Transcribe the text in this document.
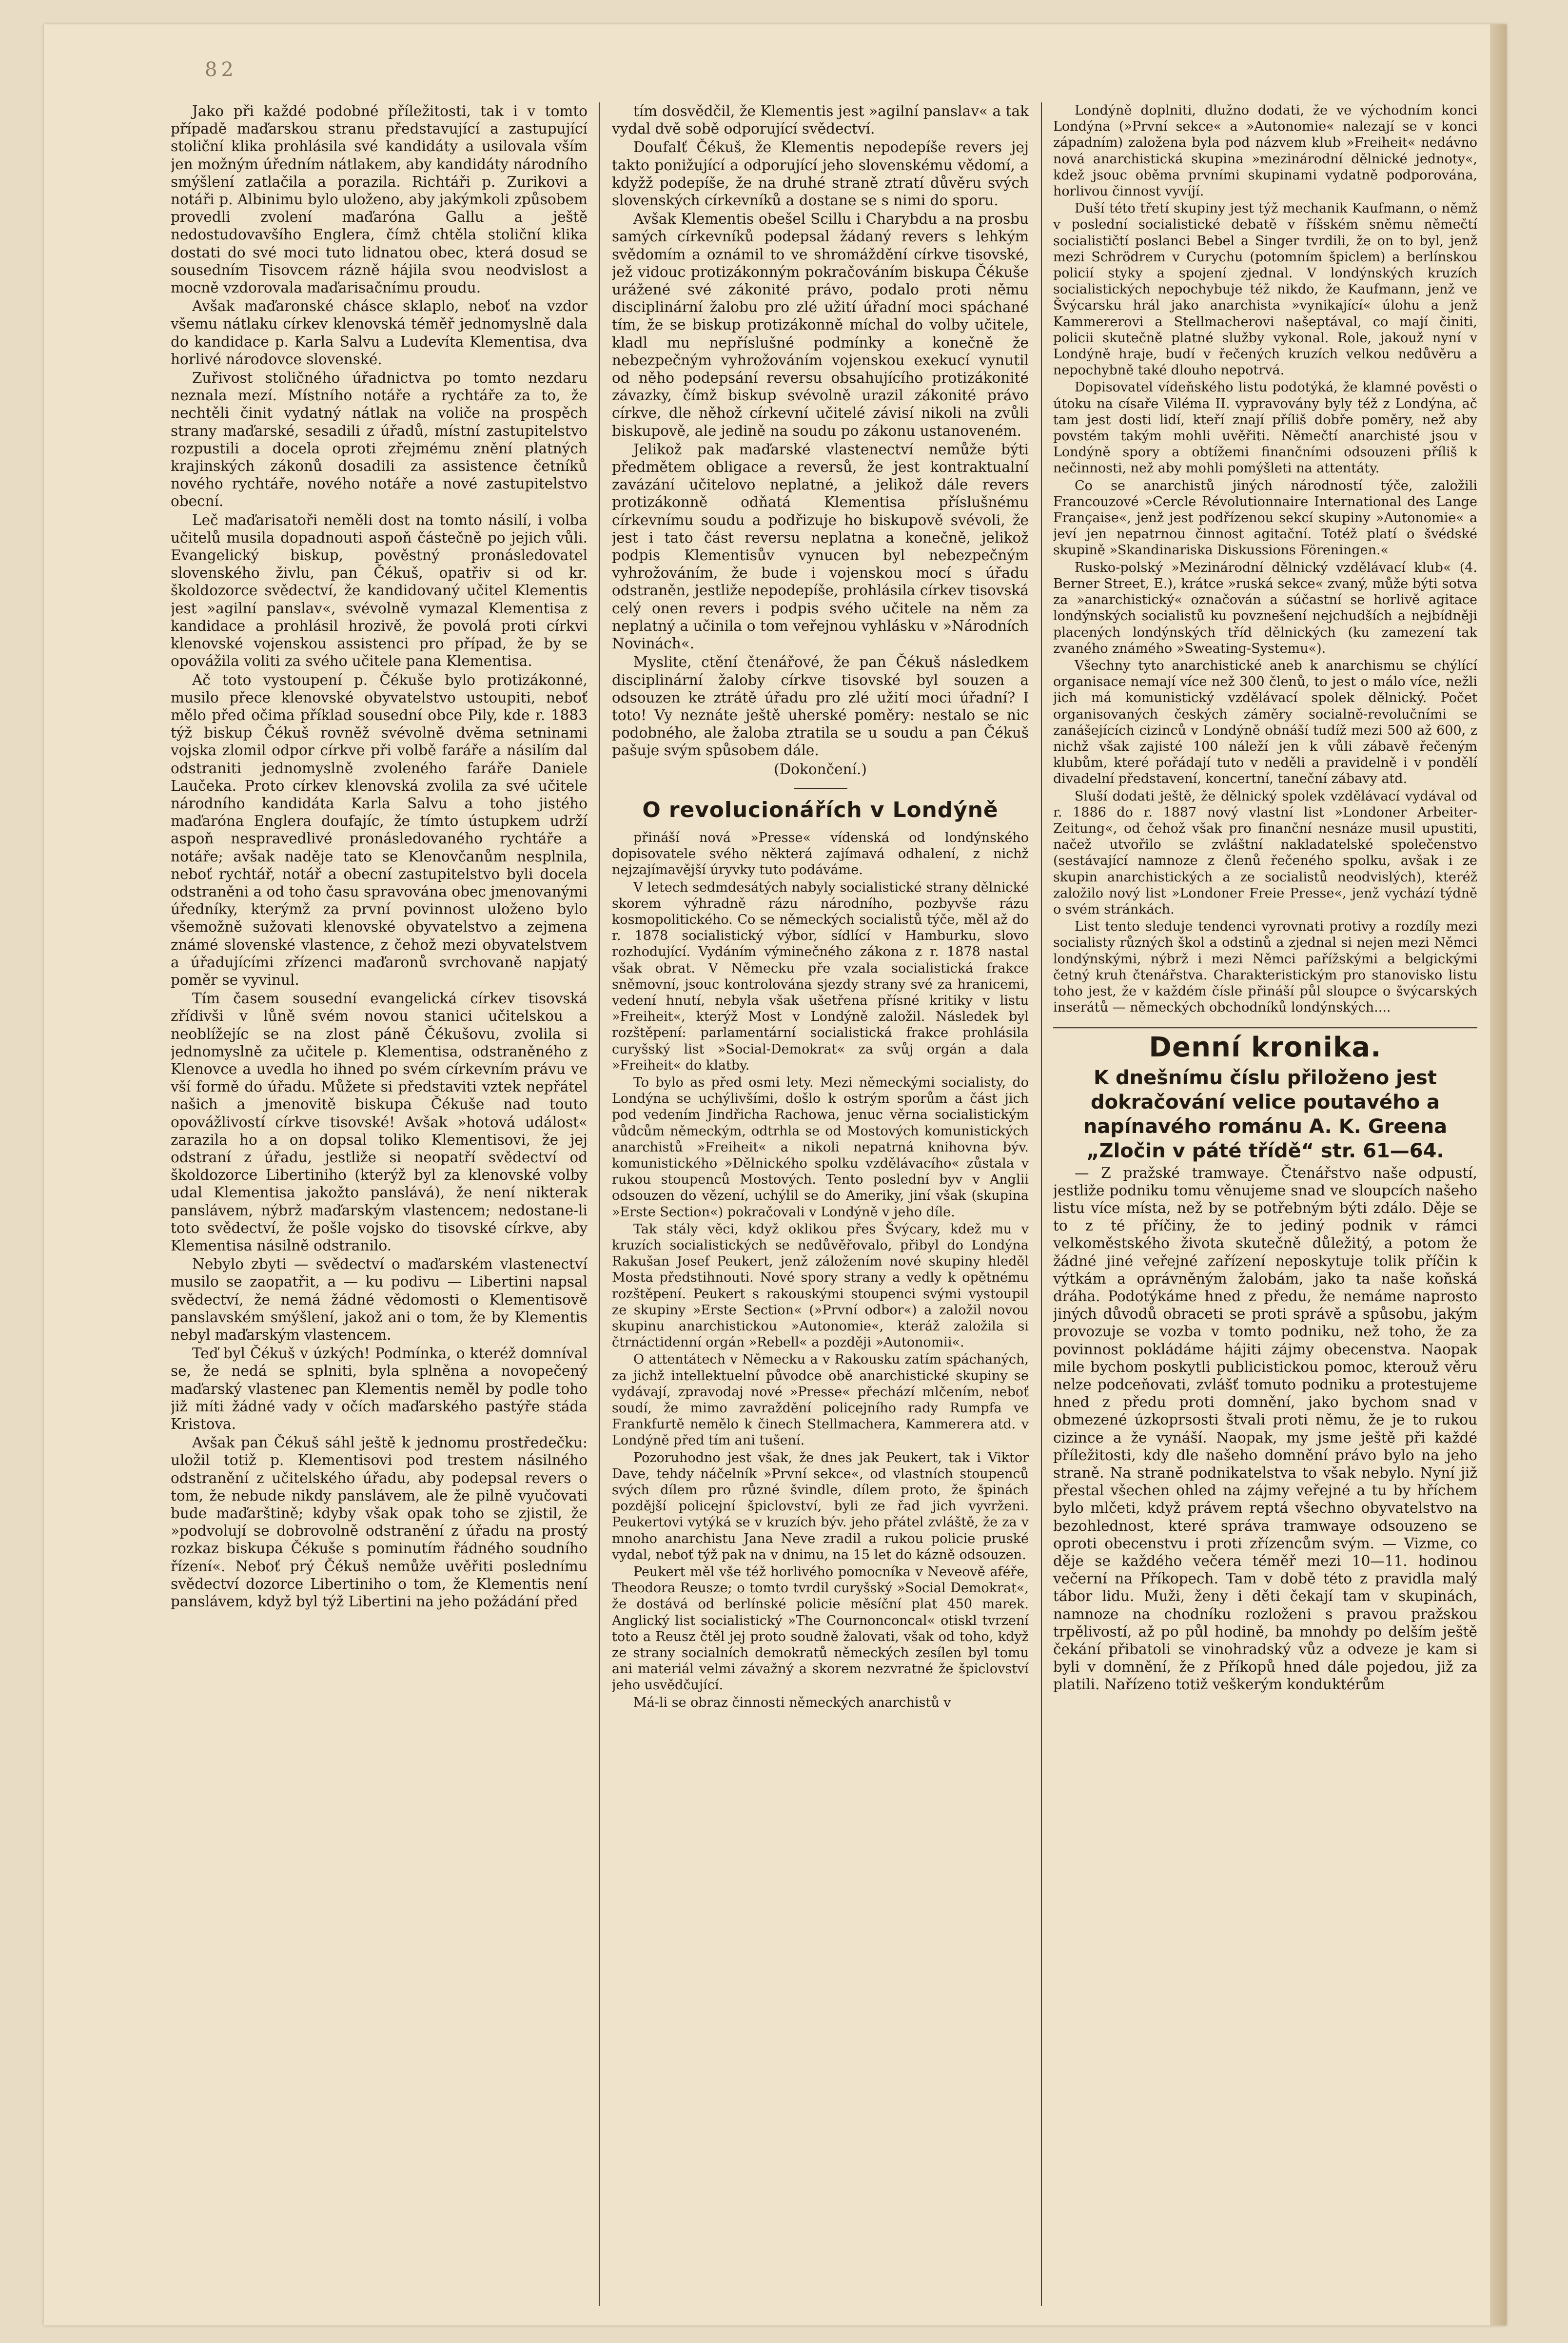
82

Jako při každé podobné příležitosti, tak i v tomto případě maďarskou stranu představující a zastupující stoliční klika prohlásila své kandidáty a usilovala vším jen možným úředním nátlakem, aby kandidáty národního smýšlení zatlačila a porazila. Richtáři p. Zurikovi a notáři p. Albinimu bylo uloženo, aby jakýmkoli způsobem provedli zvolení maďaróna Gallu a ještě nedostudovavšího Englera, čímž chtěla stoliční klika dostati do své moci tuto lidnatou obec, která dosud se sousedním Tisovcem rázně hájila svou neodvislost a mocně vzdorovala maďarisačnímu proudu.

Avšak maďaronské chásce sklaplo, neboť na vzdor všemu nátlaku církev klenovská téměř jednomyslně dala do kandidace p. Karla Salvu a Ludevíta Klementisa, dva horlivé národovce slovenské.

Zuřivost stoličného úřadnictva po tomto nezdaru neznala mezí. Místního notáře a rychtáře za to, že nechtěli činit vydatný nátlak na voliče na prospěch strany maďarské, sesadili z úřadů, místní zastupitelstvo rozpustili a docela oproti zřejmému znění platných krajinských zákonů dosadili za assistence četníků nového rychtáře, nového notáře a nové zastupitelstvo obecní.

Leč maďarisatoři neměli dost na tomto násilí, i volba učitelů musila dopadnouti aspoň částečně po jejich vůli. Evangelický biskup, pověstný pronásledovatel slovenského živlu, pan Čékuš, opatřiv si od kr. školdozorce svědectví, že kandidovaný učitel Klementis jest »agilní panslav«, svévolně vymazal Klementisa z kandidace a prohlásil hrozivě, že povolá proti církvi klenovské vojenskou assistenci pro případ, že by se opovážila voliti za svého učitele pana Klementisa.

Ač toto vystoupení p. Čékuše bylo protizákonné, musilo přece klenovské obyvatelstvo ustoupiti, neboť mělo před očima příklad sousední obce Pily, kde r. 1883 týž biskup Čékuš rovněž svévolně dvěma setninami vojska zlomil odpor církve při volbě faráře a násilím dal odstraniti jednomyslně zvoleného faráře Daniele Laučeka. Proto církev klenovská zvolila za své učitele národního kandidáta Karla Salvu a toho jistého maďaróna Englera doufajíc, že tímto ústupkem udrží aspoň nespravedlivé pronásledovaného rychtáře a notáře; avšak naděje tato se Klenovčanům nesplnila, neboť rychtář, notář a obecní zastupitelstvo byli docela odstraněni a od toho času spravována obec jmenovanými úředníky, kterýmž za první povinnost uloženo bylo všemožně sužovati klenovské obyvatelstvo a zejmena známé slovenské vlastence, z čehož mezi obyvatelstvem a úřadujícími zřízenci maďaronů svrchovaně napjatý poměr se vyvinul.

Tím časem sousední evangelická církev tisovská zřídivši v lůně svém novou stanici učitelskou a neoblížejíc se na zlost páně Čékušovu, zvolila si jednomyslně za učitele p. Klementisa, odstraněného z Klenovce a uvedla ho ihned po svém církevním právu ve vší formě do úřadu. Můžete si představiti vztek nepřátel našich a jmenovitě biskupa Čékuše nad touto opovážlivostí církve tisovské! Avšak »hotová událost« zarazila ho a on dopsal toliko Klementisovi, že jej odstraní z úřadu, jestliže si neopatří svědectví od školdozorce Libertiniho (kterýž byl za klenovské volby udal Klementisa jakožto panslává), že není nikterak panslávem, nýbrž maďarským vlastencem; nedostane-li toto svědectví, že pošle vojsko do tisovské církve, aby Klementisa násilně odstranilo.

Nebylo zbyti — svědectví o maďarském vlastenectví musilo se zaopatřit, a — ku podivu — Libertini napsal svědectví, že nemá žádné vědomosti o Klementisově panslavském smýšlení, jakož ani o tom, že by Klementis nebyl maďarským vlastencem.

Teď byl Čékuš v úzkých! Podmínka, o kteréž domníval se, že nedá se splniti, byla splněna a novopečený maďarský vlastenec pan Klementis neměl by podle toho již míti žádné vady v očích maďarského pastýře stáda Kristova.

Avšak pan Čékuš sáhl ještě k jednomu prostředečku: uložil totiž p. Klementisovi pod trestem násilného odstranění z učitelského úřadu, aby podepsal revers o tom, že nebude nikdy panslávem, ale že pilně vyučovati bude maďarštině; kdyby však opak toho se zjistil, že »podvolují se dobrovolně odstranění z úřadu na prostý rozkaz biskupa Čékuše s pominutím řádného soudního řízení«. Neboť prý Čékuš nemůže uvěřiti poslednímu svědectví dozorce Libertiniho o tom, že Klementis není panslávem, když byl týž Libertini na jeho požádání před

tím dosvědčil, že Klementis jest »agilní panslav« a tak vydal dvě sobě odporující svědectví.

Doufalť Čékuš, že Klementis nepodepíše revers jej takto ponižující a odporující jeho slovenskému vědomí, a kdyžž podepíše, že na druhé straně ztratí důvěru svých slovenských církevníků a dostane se s nimi do sporu.

Avšak Klementis obešel Scillu i Charybdu a na prosbu samých církevníků podepsal žádaný revers s lehkým svědomím a oznámil to ve shromáždění církve tisovské, jež vidouc protizákonným pokračováním biskupa Čékuše urážené své zákonité právo, podalo proti němu disciplinární žalobu pro zlé užití úřadní moci spáchané tím, že se biskup protizákonně míchal do volby učitele, kladl mu nepříslušné podmínky a konečně že nebezpečným vyhrožováním vojenskou exekucí vynutil od něho podepsání reversu obsahujícího protizákonité závazky, čímž biskup svévolně urazil zákonité právo církve, dle něhož církevní učitelé závisí nikoli na zvůli biskupově, ale jedině na soudu po zákonu ustanoveném.

Jelikož pak maďarské vlastenectví nemůže býti předmětem obligace a reversů, že jest kontraktualní zavázání učitelovo neplatné, a jelikož dále revers protizákonně odňatá Klementisa příslušnému církevnímu soudu a podřizuje ho biskupově svévoli, že jest i tato část reversu neplatna a konečně, jelikož podpis Klementisův vynucen byl nebezpečným vyhrožováním, že bude i vojenskou mocí s úřadu odstraněn, jestliže nepodepíše, prohlásila církev tisovská celý onen revers i podpis svého učitele na něm za neplatný a učinila o tom veřejnou vyhlásku v »Národních Novinách«.

Myslite, ctění čtenářové, že pan Čékuš následkem disciplinární žaloby církve tisovské byl souzen a odsouzen ke ztrátě úřadu pro zlé užití moci úřadní? I toto! Vy neznáte ještě uherské poměry: nestalo se nic podobného, ale žaloba ztratila se u soudu a pan Čékuš pašuje svým spůsobem dále.

(Dokončení.)

O revolucionářích v Londýně

přináší nová »Presse« vídenská od londýnského dopisovatele svého některá zajímavá odhalení, z nichž nejzajímavější úryvky tuto podáváme.

V letech sedmdesátých nabyly socialistické strany dělnické skorem výhradně rázu národního, pozbyvše rázu kosmopolitického. Co se německých socialistů týče, měl až do r. 1878 socialistický výbor, sídlící v Hamburku, slovo rozhodující. Vydáním výminečného zákona z r. 1878 nastal však obrat. V Německu pře vzala socialistická frakce sněmovní, jsouc kontrolována sjezdy strany své za hranicemi, vedení hnutí, nebyla však ušetřena přísné kritiky v listu »Freiheit«, kterýž Most v Londýně založil. Následek byl rozštěpení: parlamentární socialistická frakce prohlásila curyšský list »Social-Demokrat« za svůj orgán a dala »Freiheit« do klatby.

To bylo as před osmi lety. Mezi německými socialisty, do Londýna se uchýlivšími, došlo k ostrým sporům a část jich pod vedením Jindřicha Rachowa, jenuc věrna socialistickým vůdcům německým, odtrhla se od Mostových komunistických anarchistů »Freiheit« a nikoli nepatrná knihovna býv. komunistického »Dělnického spolku vzdělávacího« zůstala v rukou stoupenců Mostových. Tento poslední byv v Anglii odsouzen do vězení, uchýlil se do Ameriky, jiní však (skupina »Erste Section«) pokračovali v Londýně v jeho díle.

Tak stály věci, když oklikou přes Švýcary, kdež mu v kruzích socialistických se nedůvěřovalo, přibyl do Londýna Rakušan Josef Peukert, jenž záložením nové skupiny hleděl Mosta předstihnouti. Nové spory strany a vedly k opětnému rozštěpení. Peukert s rakouskými stoupenci svými vystoupil ze skupiny »Erste Section« (»První odbor«) a založil novou skupinu anarchistickou »Autonomie«, kteráž založila si čtrnáctidenní orgán »Rebell« a později »Autonomii«.

O attentátech v Německu a v Rakousku zatím spáchaných, za jichž intellektuelní původce obě anarchistické skupiny se vydávají, zpravodaj nové »Presse« přechází mlčením, neboť soudí, že mimo zavraždění policejního rady Rumpfa ve Frankfurtě nemělo k činech Stellmachera, Kammerera atd. v Londýně před tím ani tušení.

Pozoruhodno jest však, že dnes jak Peukert, tak i Viktor Dave, tehdy náčelník »První sekce«, od vlastních stoupenců svých dílem pro různé švindle, dílem proto, že špinách pozdější policejní špiclovství, byli ze řad jich vyvrženi. Peukertovi vytýká se v kruzích býv. jeho přátel zvláště, že za v mnoho anarchistu Jana Neve zradil a rukou policie pruské vydal, neboť týž pak na v dnimu, na 15 let do kázně odsouzen.

Peukert měl vše též horlivého pomocníka v Neveově aféře, Theodora Reusze; o tomto tvrdil curyšský »Social Demokrat«, že dostává od berlínské policie měsíční plat 450 marek. Anglický list socialistický »The Cournonconcal« otiskl tvrzení toto a Reusz čtěl jej proto soudně žalovati, však od toho, když ze strany socialních demokratů německých zesílen byl tomu ani materiál velmi závažný a skorem nezvratné že špiclovství jeho usvědčující.

Má-li se obraz činnosti německých anarchistů v

Londýně doplniti, dlužno dodati, že ve východním konci Londýna (»První sekce« a »Autonomie« nalezají se v konci západním) založena byla pod názvem klub »Freiheit« nedávno nová anarchistická skupina »mezinárodní dělnické jednoty«, kdež jsouc oběma prvními skupinami vydatně podporována, horlivou činnost vyvíjí.

Duší této třetí skupiny jest týž mechanik Kaufmann, o němž v poslední socialistické debatě v říšském sněmu němečtí socialističtí poslanci Bebel a Singer tvrdili, že on to byl, jenž mezi Schrödrem v Curychu (potomním špiclem) a berlínskou policií styky a spojení zjednal. V londýnských kruzích socialistických nepochybuje též nikdo, že Kaufmann, jenž ve Švýcarsku hrál jako anarchista »vynikající« úlohu a jenž Kammererovi a Stellmacherovi našeptával, co mají činiti, policii skutečně platné služby vykonal. Role, jakouž nyní v Londýně hraje, budí v řečených kruzích velkou nedůvěru a nepochybně také dlouho nepotrvá.

Dopisovatel vídeňského listu podotýká, že klamné pověsti o útoku na císaře Viléma II. vypravovány byly též z Londýna, ač tam jest dosti lidí, kteří znají příliš dobře poměry, než aby povstém takým mohli uvěřiti. Němečtí anarchisté jsou v Londýně spory a obtížemi finančními odsouzeni příliš k nečinnosti, než aby mohli pomýšleti na attentáty.

Co se anarchistů jiných národností týče, založili Francouzové »Cercle Révolutionnaire International des Lange Française«, jenž jest podřízenou sekcí skupiny »Autonomie« a jeví jen nepatrnou činnost agitační. Totéž platí o švédské skupině »Skandinariska Diskussions Föreningen.«

Rusko-polský »Mezinárodní dělnický vzdělávací klub« (4. Berner Street, E.), krátce »ruská sekce« zvaný, může býti sotva za »anarchistický« označován a súčastní se horlivě agitace londýnských socialistů ku povznešení nejchudších a nejbídněji placených londýnských tříd dělnických (ku zamezení tak zvaného známého »Sweating-Systemu«).

Všechny tyto anarchistické aneb k anarchismu se chýlící organisace nemají více než 300 členů, to jest o málo více, nežli jich má komunistický vzdělávací spolek dělnický. Počet organisovaných českých záměry socialně-revolučními se zanášejících cizinců v Londýně obnáší tudíž mezi 500 až 600, z nichž však zajisté 100 náleží jen k vůli zábavě řečeným klubům, které pořádají tuto v neděli a pravidelně i v pondělí divadelní představení, koncertní, taneční zábavy atd.

Sluší dodati ještě, že dělnický spolek vzdělávací vydával od r. 1886 do r. 1887 nový vlastní list »Londoner Arbeiter-Zeitung«, od čehož však pro finanční nesnáze musil upustiti, načež utvořilo se zvláštní nakladatelské společenstvo (sestávající namnoze z členů řečeného spolku, avšak i ze skupin anarchistických a ze socialistů neodvislých), kteréž založilo nový list »Londoner Freie Presse«, jenž vychází týdně o svém stránkách.

List tento sleduje tendenci vyrovnati protivy a rozdíly mezi socialisty různých škol a odstinů a zjednal si nejen mezi Němci londýnskými, nýbrž i mezi Němci pařížskými a belgickými četný kruh čtenářstva. Charakteristickým pro stanovisko listu toho jest, že v každém čísle přináší půl sloupce o švýcarských inserátů — německých obchodníků londýnských....

Denní kronika.

K dnešnímu číslu přiloženo jest dokračování velice poutavého a napínavého románu A. K. Greena „Zločin v páté třídě“ str. 61—64.

— Z pražské tramwaye. Čtenářstvo naše odpustí, jestliže podniku tomu věnujeme snad ve sloupcích našeho listu více místa, než by se potřebným býti zdálo. Děje se to z té příčiny, že to jediný podnik v rámci velkoměstského života skutečně důležitý, a potom že žádné jiné veřejné zařízení neposkytuje tolik příčin k výtkám a oprávněným žalobám, jako ta naše koňská dráha. Podotýkáme hned z předu, že nemáme naprosto jiných důvodů obraceti se proti správě a spůsobu, jakým provozuje se vozba v tomto podniku, než toho, že za povinnost pokládáme hájiti zájmy obecenstva. Naopak mile bychom poskytli publicistickou pomoc, kterouž věru nelze podceňovati, zvlášť tomuto podniku a protestujeme hned z předu proti domnění, jako bychom snad v obmezené úzkoprsosti štvali proti němu, že je to rukou cizince a že vynáší. Naopak, my jsme ještě při každé příležitosti, kdy dle našeho domnění právo bylo na jeho straně. Na straně podnikatelstva to však nebylo. Nyní již přestal všechen ohled na zájmy veřejné a tu by hříchem bylo mlčeti, když právem reptá všechno obyvatelstvo na bezohlednost, které správa tramwaye odsouzeno se oproti obecenstvu i proti zřízencům svým. — Vizme, co děje se každého večera téměř mezi 10—11. hodinou večerní na Příkopech. Tam v době této z pravidla malý tábor lidu. Muži, ženy i děti čekají tam v skupinách, namnoze na chodníku rozloženi s pravou pražskou trpělivostí, až po půl hodině, ba mnohdy po delším ještě čekání přibatoli se vinohradský vůz a odveze je kam si byli v domnění, že z Příkopů hned dále pojedou, již za platili. Nařízeno totiž veškerým konduktérům
